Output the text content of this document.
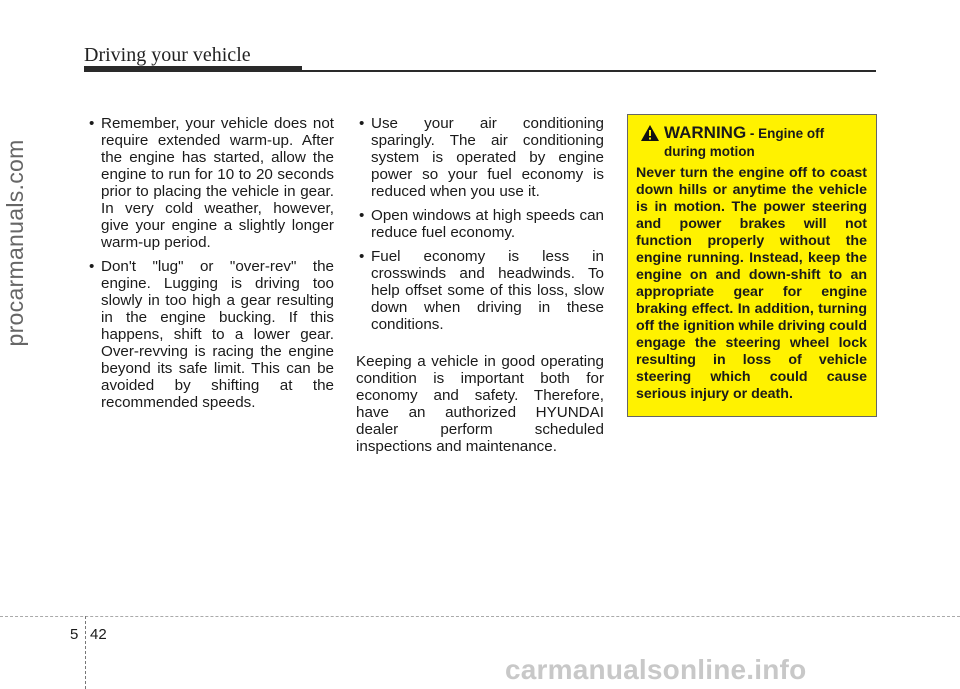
Driving your vehicle
procarmanuals.com
• Remember, your vehicle does not require extended warm-up. After the engine has started, allow the engine to run for 10 to 20 seconds prior to placing the vehicle in gear. In very cold weather, however, give your engine a slightly longer warm-up period.
• Don't "lug" or "over-rev" the engine. Lugging is driving too slowly in too high a gear resulting in the engine bucking. If this happens, shift to a lower gear. Over-revving is racing the engine beyond its safe limit. This can be avoided by shifting at the recommended speeds.
• Use your air conditioning sparingly. The air conditioning system is operated by engine power so your fuel economy is reduced when you use it.
• Open windows at high speeds can reduce fuel economy.
• Fuel economy is less in crosswinds and headwinds. To help offset some of this loss, slow down when driving in these conditions.

Keeping a vehicle in good operating condition is important both for economy and safety. Therefore, have an authorized HYUNDAI dealer perform scheduled inspections and maintenance.

WARNING - Engine off during motion
Never turn the engine off to coast down hills or anytime the vehicle is in motion. The power steering and power brakes will not function properly without the engine running. Instead, keep the engine on and down-shift to an appropriate gear for engine braking effect. In addition, turning off the ignition while driving could engage the steering wheel lock resulting in loss of vehicle steering which could cause serious injury or death.
5 42
carmanualsonline.info
